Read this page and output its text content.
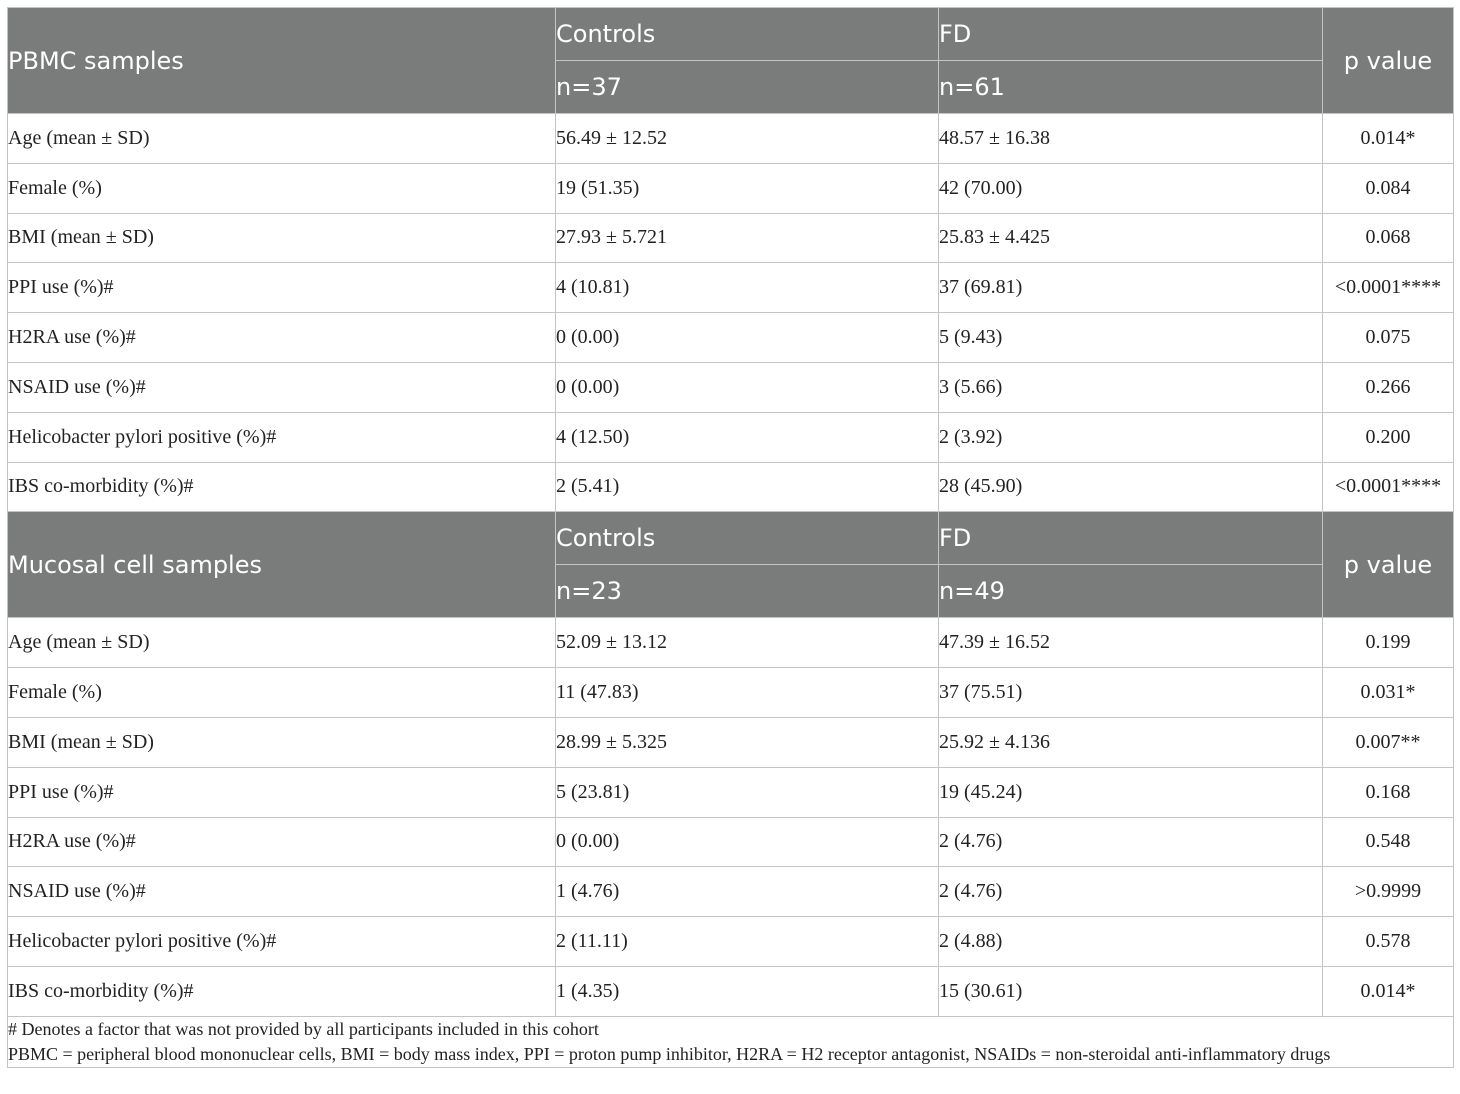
PBMC samples	Controls	FD	p value
	n=37	n=61	
Age (mean ± SD)	56.49 ± 12.52	48.57 ± 16.38	0.014*
Female (%)	19 (51.35)	42 (70.00)	0.084
BMI (mean ± SD)	27.93 ± 5.721	25.83 ± 4.425	0.068
PPI use (%)#	4 (10.81)	37 (69.81)	<0.0001****
H2RA use (%)#	0 (0.00)	5 (9.43)	0.075
NSAID use (%)#	0 (0.00)	3 (5.66)	0.266
Helicobacter pylori positive (%)#	4 (12.50)	2 (3.92)	0.200
IBS co-morbidity (%)#	2 (5.41)	28 (45.90)	<0.0001****
Mucosal cell samples	Controls	FD	p value
	n=23	n=49	
Age (mean ± SD)	52.09 ± 13.12	47.39 ± 16.52	0.199
Female (%)	11 (47.83)	37 (75.51)	0.031*
BMI (mean ± SD)	28.99 ± 5.325	25.92 ± 4.136	0.007**
PPI use (%)#	5 (23.81)	19 (45.24)	0.168
H2RA use (%)#	0 (0.00)	2 (4.76)	0.548
NSAID use (%)#	1 (4.76)	2 (4.76)	>0.9999
Helicobacter pylori positive (%)#	2 (11.11)	2 (4.88)	0.578
IBS co-morbidity (%)#	1 (4.35)	15 (30.61)	0.014*

# Denotes a factor that was not provided by all participants included in this cohort
PBMC = peripheral blood mononuclear cells, BMI = body mass index, PPI = proton pump inhibitor, H2RA = H2 receptor antagonist, NSAIDs = non-steroidal anti-inflammatory drugs			
